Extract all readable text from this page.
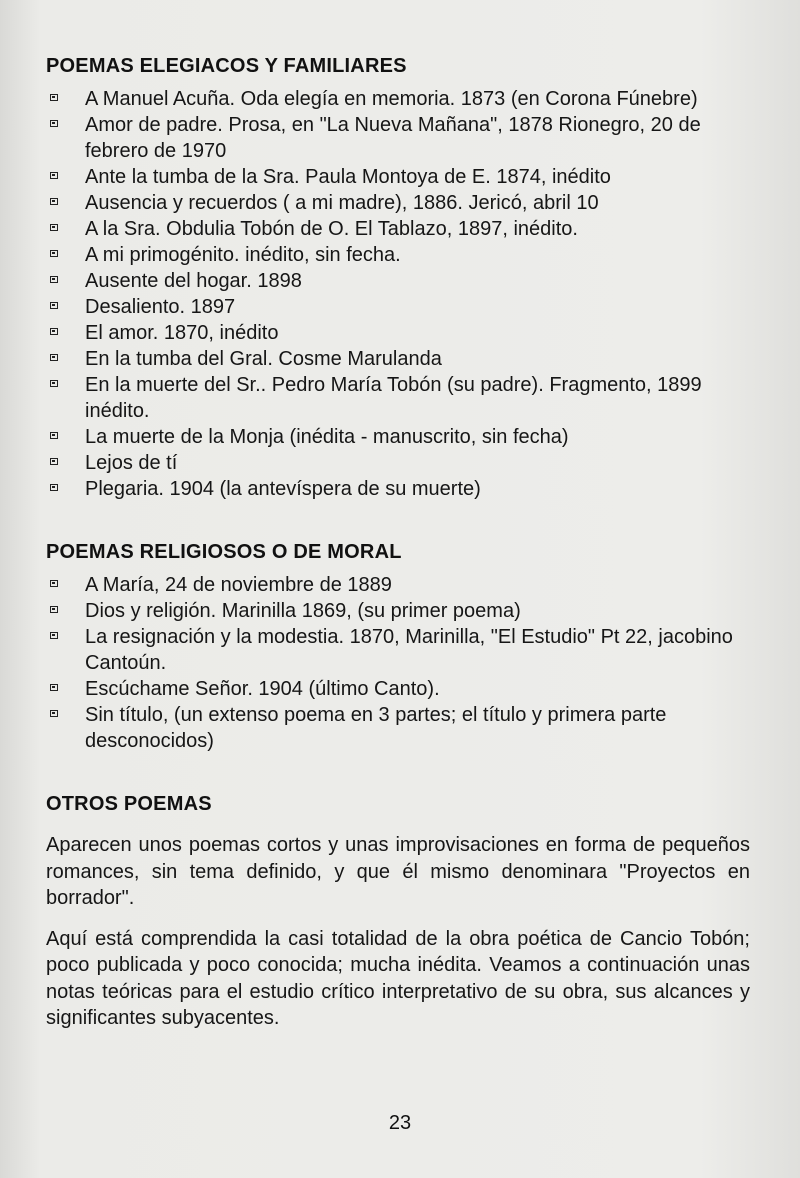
POEMAS ELEGIACOS Y FAMILIARES
A Manuel Acuña. Oda elegía en memoria. 1873 (en Corona Fúnebre)
Amor de padre. Prosa, en "La Nueva Mañana", 1878 Rionegro, 20 de febrero de 1970
Ante la tumba de la Sra. Paula Montoya de E. 1874, inédito
Ausencia y recuerdos ( a mi madre), 1886. Jericó, abril 10
A la Sra. Obdulia Tobón de O. El Tablazo, 1897, inédito.
A mi primogénito. inédito, sin fecha.
Ausente del hogar. 1898
Desaliento. 1897
El amor. 1870, inédito
En la tumba del Gral. Cosme Marulanda
En la muerte del Sr.. Pedro María Tobón (su padre). Fragmento, 1899 inédito.
La muerte de la Monja (inédita - manuscrito, sin fecha)
Lejos de tí
Plegaria. 1904 (la antevíspera de su muerte)
POEMAS RELIGIOSOS O DE MORAL
A María, 24 de noviembre de 1889
Dios y religión. Marinilla 1869, (su primer poema)
La resignación y la modestia. 1870, Marinilla, "El Estudio" Pt 22, jacobino Cantoún.
Escúchame Señor. 1904 (último Canto).
Sin título, (un extenso poema en 3 partes; el título y primera parte desconocidos)
OTROS POEMAS

Aparecen unos poemas cortos y unas improvisaciones en forma de pequeños romances, sin tema definido, y que él mismo denominara "Proyectos en borrador".

Aquí está comprendida la casi totalidad de la obra poética de Cancio Tobón; poco publicada y poco conocida; mucha inédita. Veamos a continuación unas notas teóricas para el estudio crítico interpretativo de su obra, sus alcances y significantes subyacentes.

23
